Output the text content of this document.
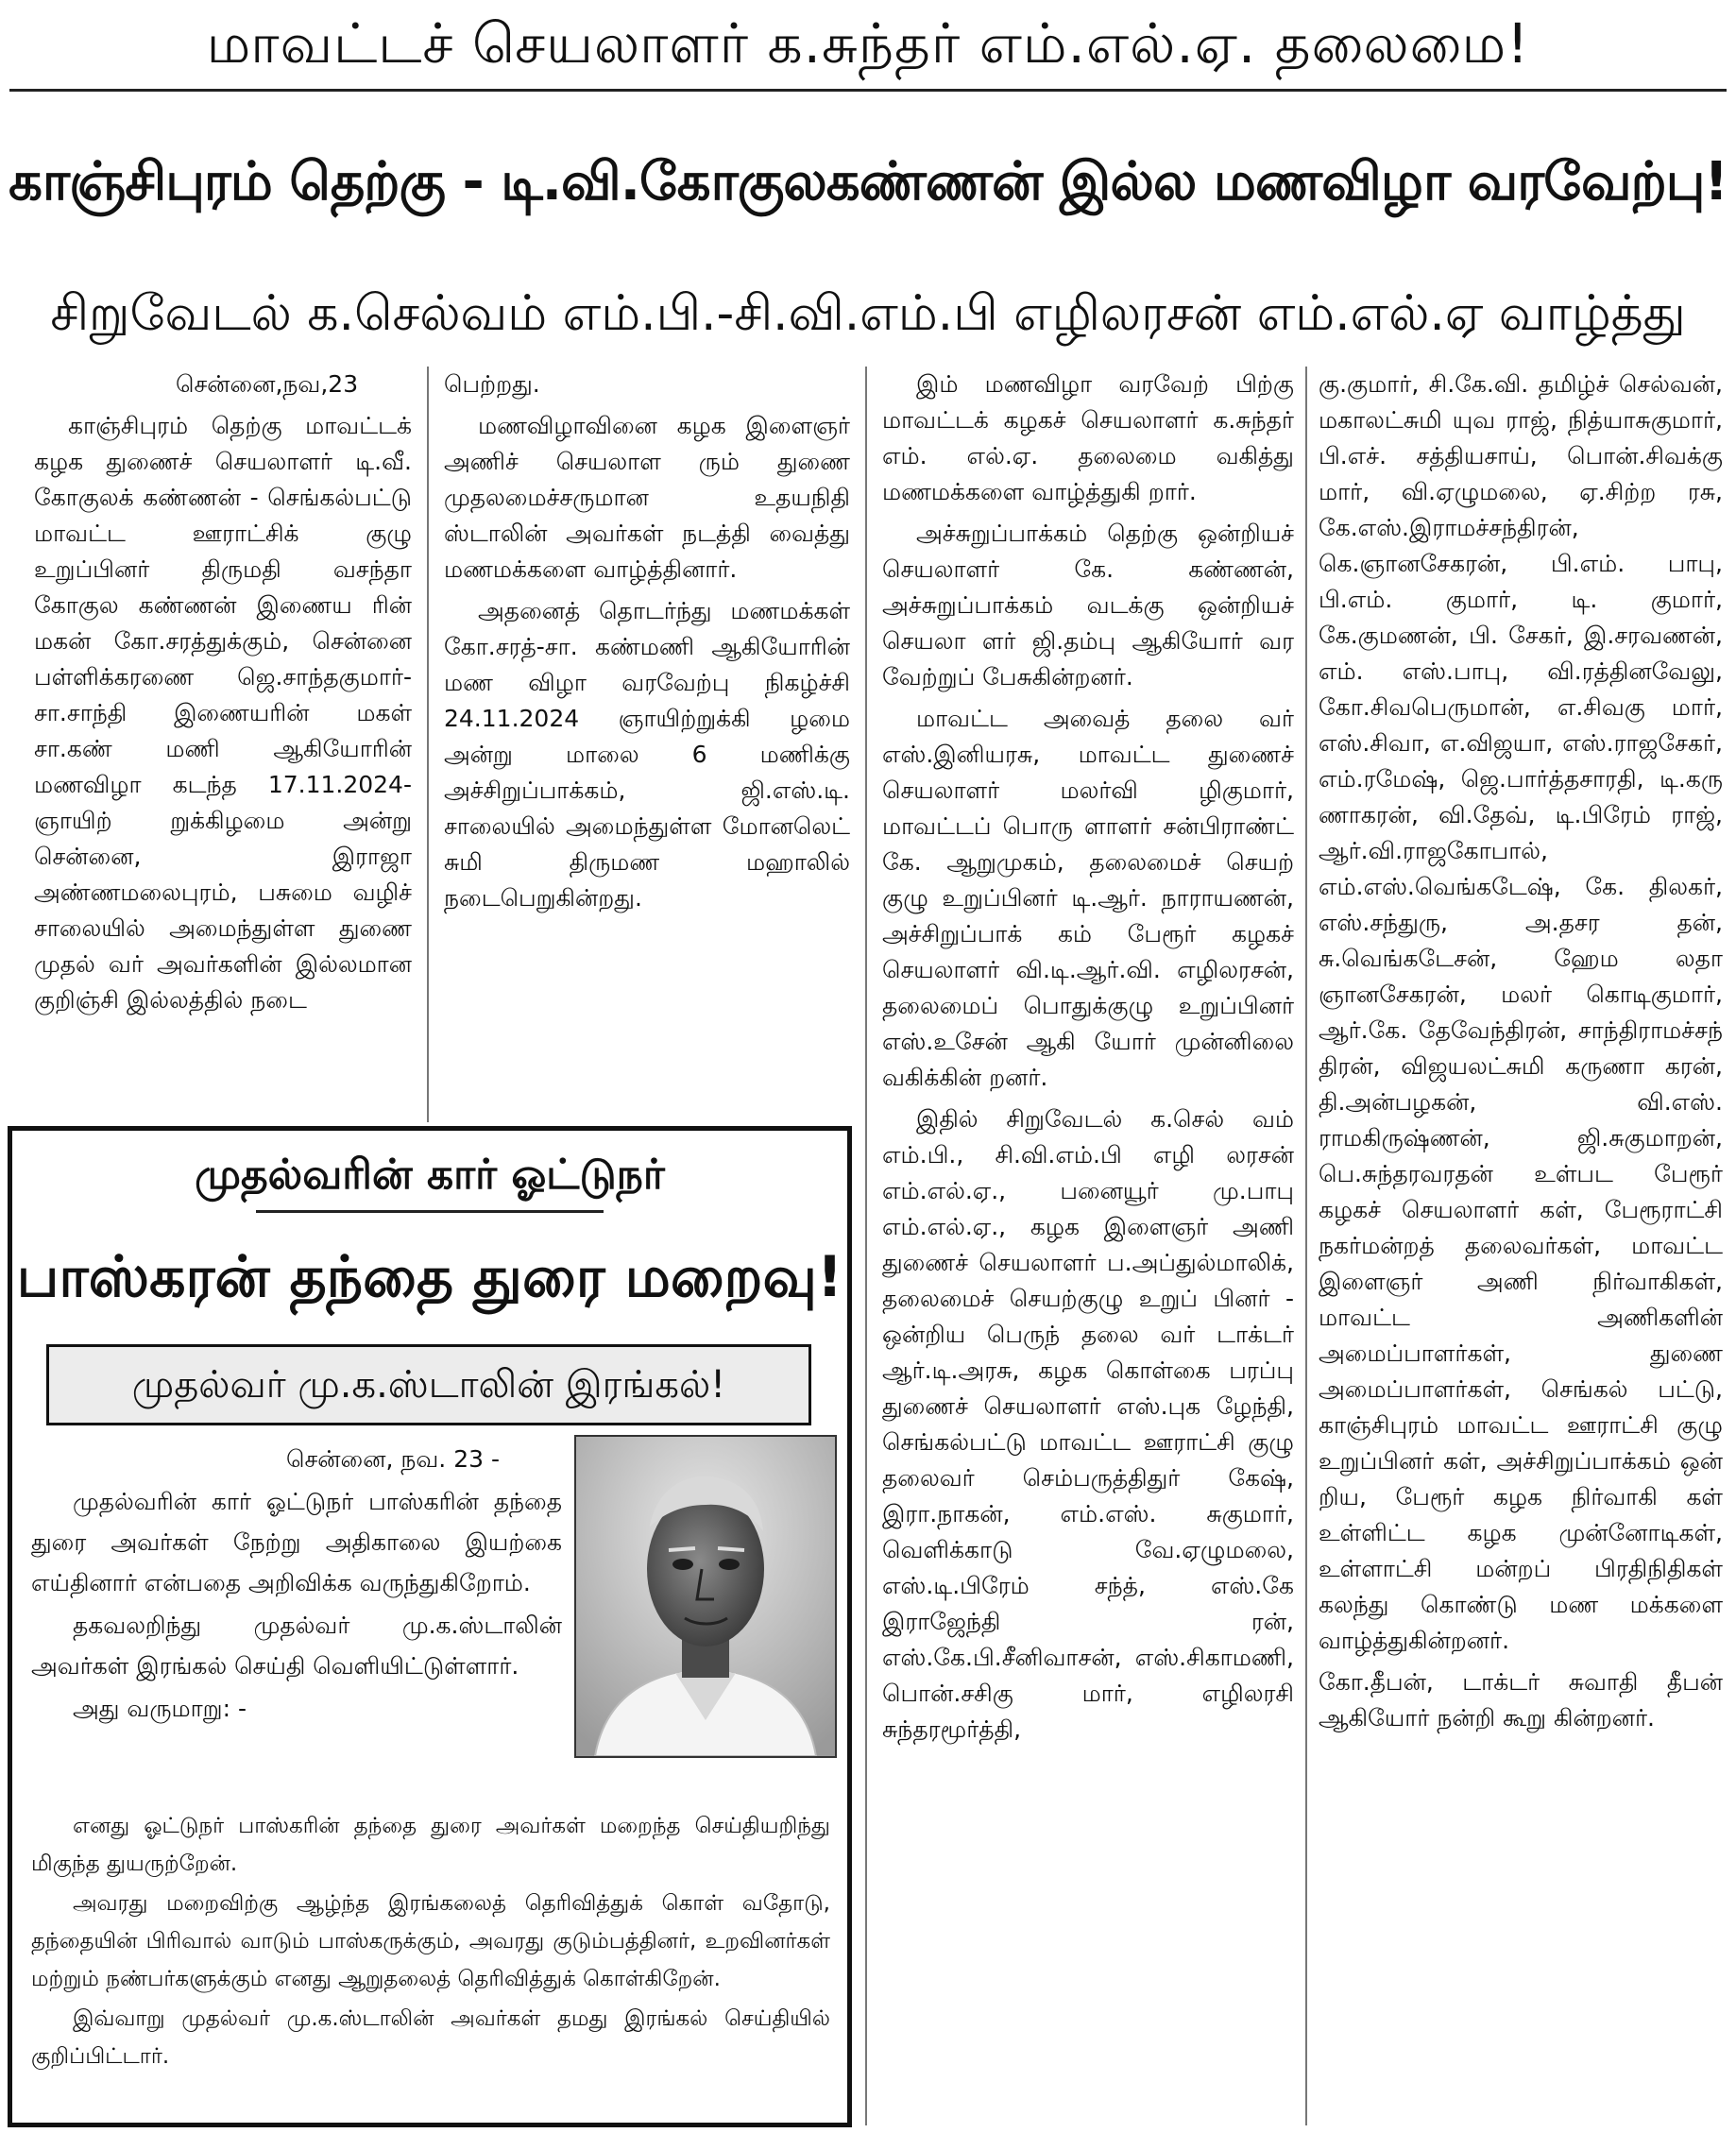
மாவட்டச் செயலாளர் க.சுந்தர் எம்.எல்.ஏ. தலைமை!
காஞ்சிபுரம் தெற்கு - டி.வி.கோகுலகண்ணன் இல்ல மணவிழா வரவேற்பு!
சிறுவேடல் க.செல்வம் எம்.பி.-சி.வி.எம்.பி எழிலரசன் எம்.எல்.ஏ வாழ்த்து

சென்னை,நவ,23

காஞ்சிபுரம் தெற்கு மாவட்டக் கழக துணைச் செயலாளர் டி.வீ. கோகுலக் கண்ணன் - செங்கல்பட்டு மாவட்ட ஊராட்சிக் குழு உறுப்பினர் திருமதி வசந்தா கோகுல கண்ணன் இணைய ரின் மகன் கோ.சரத்துக்கும், சென்னை பள்ளிக்கரணை ஜெ.சாந்தகுமார்- சா.சாந்தி இணையரின் மகள் சா.கண் மணி ஆகியோரின் மணவிழா கடந்த 17.11.2024-ஞாயிற் றுக்கிழமை அன்று சென்னை, இராஜா அண்ணமலைபுரம், பசுமை வழிச் சாலையில் அமைந்துள்ள துணை முதல் வர் அவர்களின் இல்லமான குறிஞ்சி இல்லத்தில் நடை

பெற்றது.

மணவிழாவினை கழக இளைஞர் அணிச் செயலாள ரும் துணை முதலமைச்சருமான உதயநிதி ஸ்டாலின் அவர்கள் நடத்தி வைத்து மணமக்களை வாழ்த்தினார்.

அதனைத் தொடர்ந்து மணமக்கள் கோ.சரத்-சா. கண்மணி ஆகியோரின் மண விழா வரவேற்பு நிகழ்ச்சி 24.11.2024 ஞாயிற்றுக்கி ழமை அன்று மாலை 6 மணிக்கு அச்சிறுப்பாக்கம், ஜி.எஸ்.டி. சாலையில் அமைந்துள்ள மோனலெட் சுமி திருமண மஹாலில் நடைபெறுகின்றது.

இம் மணவிழா வரவேற் பிற்கு மாவட்டக் கழகச் செயலாளர் க.சுந்தர் எம். எல்.ஏ. தலைமை வகித்து மணமக்களை வாழ்த்துகி றார்.

அச்சுறுப்பாக்கம் தெற்கு ஒன்றியச் செயலாளர் கே. கண்ணன், அச்சுறுப்பாக்கம் வடக்கு ஒன்றியச் செயலா ளர் ஜி.தம்பு ஆகியோர் வர வேற்றுப் பேசுகின்றனர்.

மாவட்ட அவைத் தலை வர் எஸ்.இனியரசு, மாவட்ட துணைச் செயலாளர் மலர்வி ழிகுமார், மாவட்டப் பொரு ளாளர் சன்பிராண்ட் கே. ஆறுமுகம், தலைமைச் செயற் குழு உறுப்பினர் டி.ஆர். நாராயணன், அச்சிறுப்பாக் கம் பேரூர் கழகச் செயலாளர் வி.டி.ஆர்.வி. எழிலரசன், தலைமைப் பொதுக்குழு உறுப்பினர் எஸ்.உசேன் ஆகி யோர் முன்னிலை வகிக்கின் றனர்.

இதில் சிறுவேடல் க.செல் வம் எம்.பி., சி.வி.எம்.பி எழி லரசன் எம்.எல்.ஏ., பனையூர் மு.பாபு எம்.எல்.ஏ., கழக இளைஞர் அணி துணைச் செயலாளர் ப.அப்துல்மாலிக், தலைமைச் செயற்குழு உறுப் பினர் - ஒன்றிய பெருந் தலை வர் டாக்டர் ஆர்.டி.அரசு, கழக கொள்கை பரப்பு துணைச் செயலாளர் எஸ்.புக ழேந்தி, செங்கல்பட்டு மாவட்ட ஊராட்சி குழு தலைவர் செம்பருத்திதுர் கேஷ், இரா.நாகன், எம்.எஸ். சுகுமார், வெளிக்காடு வே.ஏழுமலை, எஸ்.டி.பிரேம் சந்த், எஸ்.கே இராஜேந்தி ரன், எஸ்.கே.பி.சீனிவாசன், எஸ்.சிகாமணி, பொன்.சசிகு மார், எழிலரசி சுந்தரமூர்த்தி,

கு.குமார், சி.கே.வி. தமிழ்ச் செல்வன், மகாலட்சுமி யுவ ராஜ், நித்யாசுகுமார், பி.எச். சத்தியசாய், பொன்.சிவக்கு மார், வி.ஏழுமலை, ஏ.சிற்ற ரசு, கே.எஸ்.இராமச்சந்திரன், கெ.ஞானசேகரன், பி.எம். பாபு, பி.எம். குமார், டி. குமார், கே.குமணன், பி. சேகர், இ.சரவணன், எம். எஸ்.பாபு, வி.ரத்தினவேலு, கோ.சிவபெருமான், எ.சிவகு மார், எஸ்.சிவா, எ.விஜயா, எஸ்.ராஜசேகர், எம்.ரமேஷ், ஜெ.பார்த்தசாரதி, டி.கரு ணாகரன், வி.தேவ், டி.பிரேம் ராஜ், ஆர்.வி.ராஜகோபால், எம்.எஸ்.வெங்கடேஷ், கே. திலகர், எஸ்.சந்துரு, அ.தசர தன், சு.வெங்கடேசன், ஹேம லதா ஞானசேகரன், மலர் கொடிகுமார், ஆர்.கே. தேவேந்திரன், சாந்திராமச்சந் திரன், விஜயலட்சுமி கருணா கரன், தி.அன்பழகன், வி.எஸ். ராமகிருஷ்ணன், ஜி.சுகுமாறன், பெ.சுந்தரவரதன் உள்பட பேரூர் கழகச் செயலாளர் கள், பேரூராட்சி நகர்மன்றத் தலைவர்கள், மாவட்ட இளைஞர் அணி நிர்வாகிகள், மாவட்ட அணிகளின் அமைப்பாளர்கள், துணை அமைப்பாளர்கள், செங்கல் பட்டு, காஞ்சிபுரம் மாவட்ட ஊராட்சி குழு உறுப்பினர் கள், அச்சிறுப்பாக்கம் ஒன் றிய, பேரூர் கழக நிர்வாகி கள் உள்ளிட்ட கழக முன்னோடிகள், உள்ளாட்சி மன்றப் பிரதிநிதிகள் கலந்து கொண்டு மண மக்களை வாழ்த்துகின்றனர்.

கோ.தீபன், டாக்டர் சுவாதி தீபன் ஆகியோர் நன்றி கூறு கின்றனர்.

முதல்வரின் கார் ஓட்டுநர்
பாஸ்கரன் தந்தை துரை மறைவு!
முதல்வர் மு.க.ஸ்டாலின் இரங்கல்!

சென்னை, நவ. 23 -

முதல்வரின் கார் ஓட்டுநர் பாஸ்கரின் தந்தை துரை அவர்கள் நேற்று அதிகாலை இயற்கை எய்தினார் என்பதை அறிவிக்க வருந்துகிறோம்.

தகவலறிந்து முதல்வர் மு.க.ஸ்டாலின் அவர்கள் இரங்கல் செய்தி வெளியிட்டுள்ளார்.

அது வருமாறு: -

எனது ஓட்டுநர் பாஸ்கரின் தந்தை துரை அவர்கள் மறைந்த செய்தியறிந்து மிகுந்த துயருற்றேன்.

அவரது மறைவிற்கு ஆழ்ந்த இரங்கலைத் தெரிவித்துக் கொள் வதோடு, தந்தையின் பிரிவால் வாடும் பாஸ்கருக்கும், அவரது குடும்பத்தினர், உறவினர்கள் மற்றும் நண்பர்களுக்கும் எனது ஆறுதலைத் தெரிவித்துக் கொள்கிறேன்.

இவ்வாறு முதல்வர் மு.க.ஸ்டாலின் அவர்கள் தமது இரங்கல் செய்தியில் குறிப்பிட்டார்.
